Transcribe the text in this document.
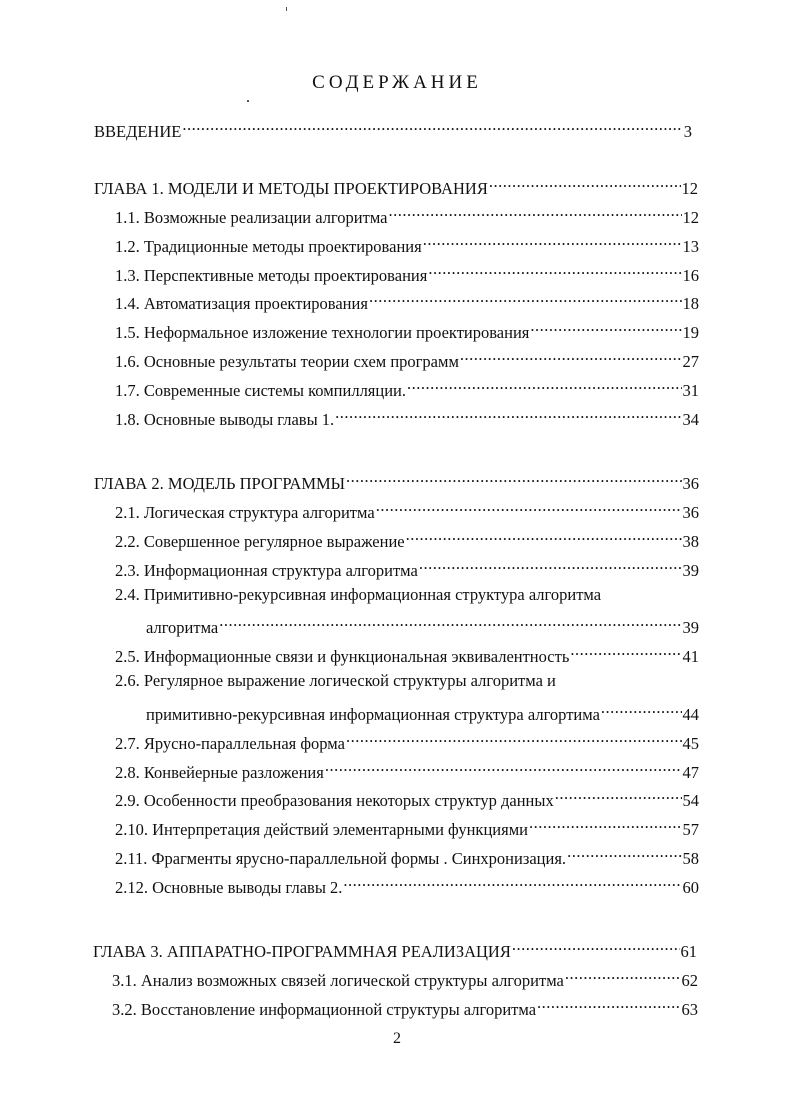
СОДЕРЖАНИЕ
ВВЕДЕНИЕ .....	3
ГЛАВА 1. МОДЕЛИ И МЕТОДЫ ПРОЕКТИРОВАНИЯ .....	12
1.1. Возможные реализации алгоритма .....	12
1.2. Традиционные методы проектирования .....	13
1.3. Перспективные методы проектирования .....	16
1.4. Автоматизация проектирования .....	18
1.5. Неформальное изложение технологии проектирования .....	19
1.6. Основные результаты теории схем программ .....	27
1.7. Современные системы компилляции. .....	31
1.8. Основные выводы главы 1. .....	34
ГЛАВА 2. МОДЕЛЬ ПРОГРАММЫ .....	36
2.1. Логическая структура алгоритма .....	36
2.2. Совершенное регулярное выражение .....	38
2.3. Информационная структура алгоритма .....	39
2.4. Примитивно-рекурсивная информационная структура алгоритма
алгоритма .....	39
2.5. Информационные связи и функциональная эквивалентность .....	41
2.6. Регулярное выражение логической структуры алгоритма и
примитивно-рекурсивная информационная структура алгортима .....	44
2.7. Ярусно-параллельная форма .....	45
2.8. Конвейерные разложения .....	47
2.9. Особенности преобразования некоторых структур данных .....	54
2.10. Интерпретация действий элементарными функциями .....	57
2.11. Фрагменты ярусно-параллельной формы . Синхронизация. .....	58
2.12. Основные выводы главы 2. .....	60
ГЛАВА 3. АППАРАТНО-ПРОГРАММНАЯ РЕАЛИЗАЦИЯ .....	61
3.1. Анализ возможных связей логической структуры алгоритма .....	62
3.2. Восстановление информационной структуры алгоритма .....	63
2
